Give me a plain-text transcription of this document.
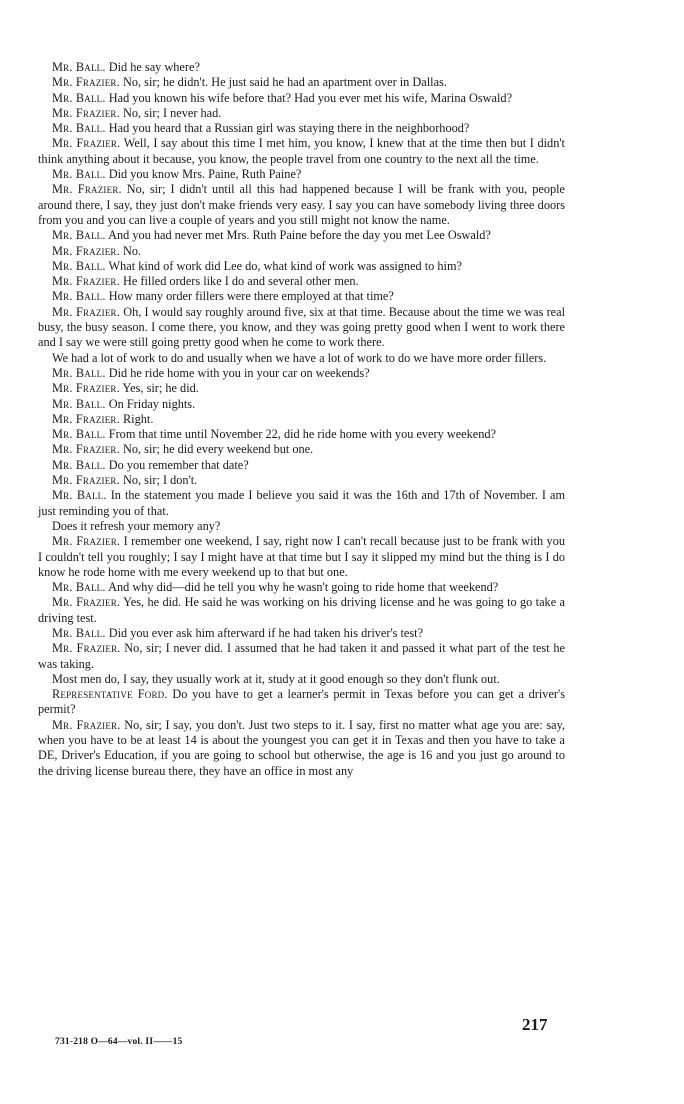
Mr. Ball. Did he say where?

Mr. Frazier. No, sir; he didn't. He just said he had an apartment over in Dallas.

Mr. Ball. Had you known his wife before that? Had you ever met his wife, Marina Oswald?

Mr. Frazier. No, sir; I never had.

Mr. Ball. Had you heard that a Russian girl was staying there in the neighborhood?

Mr. Frazier. Well, I say about this time I met him, you know, I knew that at the time then but I didn't think anything about it because, you know, the people travel from one country to the next all the time.

Mr. Ball. Did you know Mrs. Paine, Ruth Paine?

Mr. Frazier. No, sir; I didn't until all this had happened because I will be frank with you, people around there, I say, they just don't make friends very easy. I say you can have somebody living three doors from you and you can live a couple of years and you still might not know the name.

Mr. Ball. And you had never met Mrs. Ruth Paine before the day you met Lee Oswald?

Mr. Frazier. No.

Mr. Ball. What kind of work did Lee do, what kind of work was assigned to him?

Mr. Frazier. He filled orders like I do and several other men.

Mr. Ball. How many order fillers were there employed at that time?

Mr. Frazier. Oh, I would say roughly around five, six at that time. Because about the time we was real busy, the busy season. I come there, you know, and they was going pretty good when I went to work there and I say we were still going pretty good when he come to work there.

We had a lot of work to do and usually when we have a lot of work to do we have more order fillers.

Mr. Ball. Did he ride home with you in your car on weekends?

Mr. Frazier. Yes, sir; he did.

Mr. Ball. On Friday nights.

Mr. Frazier. Right.

Mr. Ball. From that time until November 22, did he ride home with you every weekend?

Mr. Frazier. No, sir; he did every weekend but one.

Mr. Ball. Do you remember that date?

Mr. Frazier. No, sir; I don't.

Mr. Ball. In the statement you made I believe you said it was the 16th and 17th of November. I am just reminding you of that.

Does it refresh your memory any?

Mr. Frazier. I remember one weekend, I say, right now I can't recall because just to be frank with you I couldn't tell you roughly; I say I might have at that time but I say it slipped my mind but the thing is I do know he rode home with me every weekend up to that but one.

Mr. Ball. And why did—did he tell you why he wasn't going to ride home that weekend?

Mr. Frazier. Yes, he did. He said he was working on his driving license and he was going to go take a driving test.

Mr. Ball. Did you ever ask him afterward if he had taken his driver's test?

Mr. Frazier. No, sir; I never did. I assumed that he had taken it and passed it what part of the test he was taking.

Most men do, I say, they usually work at it, study at it good enough so they don't flunk out.

Representative Ford. Do you have to get a learner's permit in Texas before you can get a driver's permit?

Mr. Frazier. No, sir; I say, you don't. Just two steps to it. I say, first no matter what age you are: say, when you have to be at least 14 is about the youngest you can get it in Texas and then you have to take a DE, Driver's Education, if you are going to school but otherwise, the age is 16 and you just go around to the driving license bureau there, they have an office in most any

217
731-218 O—64—vol. II——15
